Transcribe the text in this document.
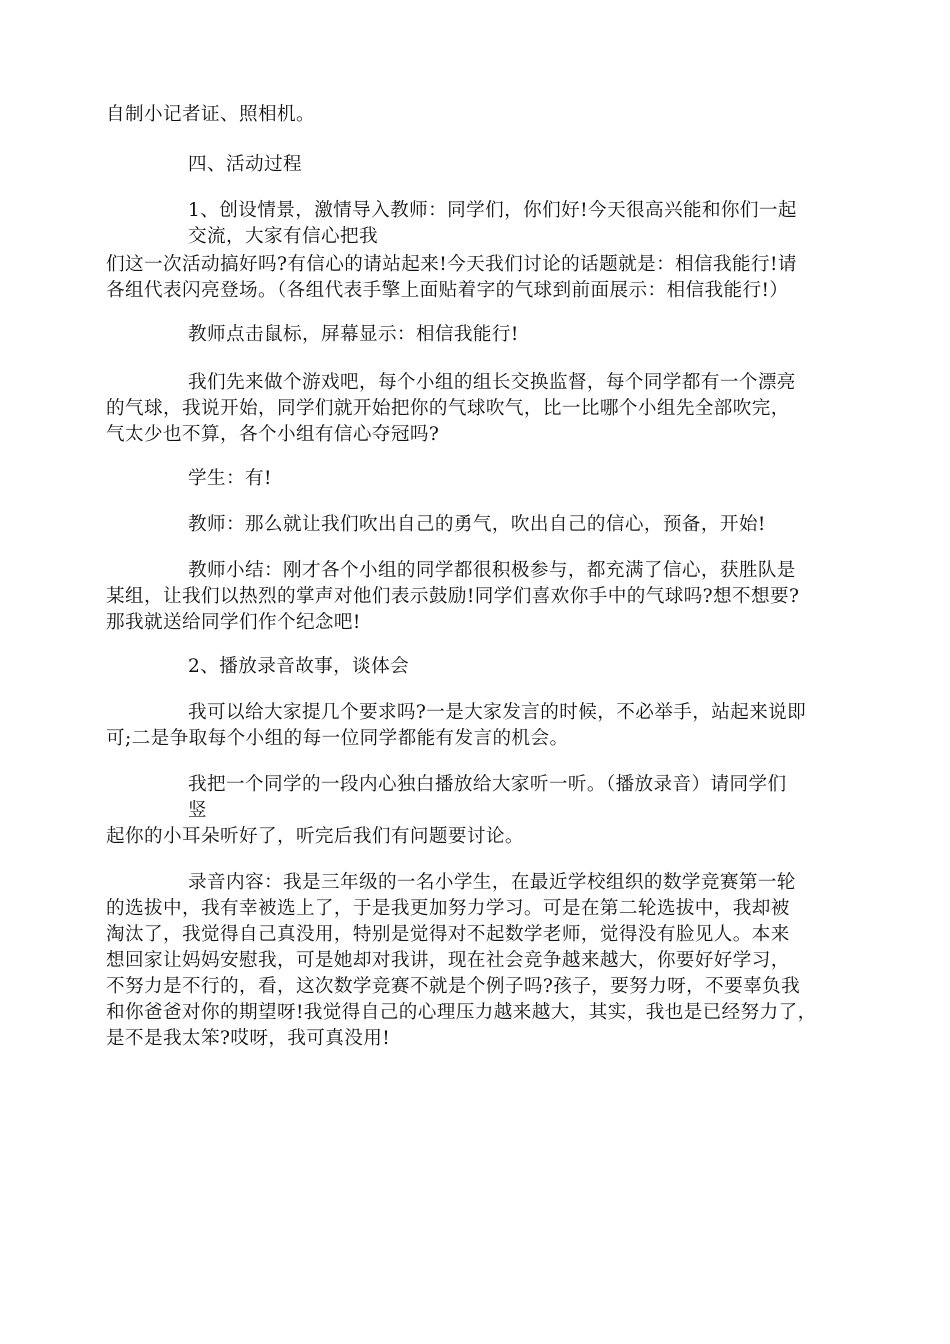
自制小记者证、照相机。
四、活动过程
1、创设情景，激情导入教师：同学们，你们好!今天很高兴能和你们一起
交流，大家有信心把我
们这一次活动搞好吗?有信心的请站起来!今天我们讨论的话题就是：相信我能行!请
各组代表闪亮登场。（各组代表手擎上面贴着字的气球到前面展示：相信我能行!）
教师点击鼠标，屏幕显示：相信我能行!
我们先来做个游戏吧，每个小组的组长交换监督，每个同学都有一个漂亮
的气球，我说开始，同学们就开始把你的气球吹气，比一比哪个小组先全部吹完，
气太少也不算，各个小组有信心夺冠吗?
学生：有!
教师：那么就让我们吹出自己的勇气，吹出自己的信心，预备，开始!
教师小结：刚才各个小组的同学都很积极参与，都充满了信心，获胜队是
某组，让我们以热烈的掌声对他们表示鼓励!同学们喜欢你手中的气球吗?想不想要?
那我就送给同学们作个纪念吧!
2、播放录音故事，谈体会
我可以给大家提几个要求吗?一是大家发言的时候，不必举手，站起来说即
可;二是争取每个小组的每一位同学都能有发言的机会。
我把一个同学的一段内心独白播放给大家听一听。（播放录音）请同学们
竖
起你的小耳朵听好了，听完后我们有问题要讨论。
录音内容：我是三年级的一名小学生，在最近学校组织的数学竞赛第一轮
的选拔中，我有幸被选上了，于是我更加努力学习。可是在第二轮选拔中，我却被
淘汰了，我觉得自己真没用，特别是觉得对不起数学老师，觉得没有脸见人。本来
想回家让妈妈安慰我，可是她却对我讲，现在社会竞争越来越大，你要好好学习，
不努力是不行的，看，这次数学竞赛不就是个例子吗?孩子，要努力呀，不要辜负我
和你爸爸对你的期望呀!我觉得自己的心理压力越来越大，其实，我也是已经努力了，
是不是我太笨?哎呀，我可真没用!
